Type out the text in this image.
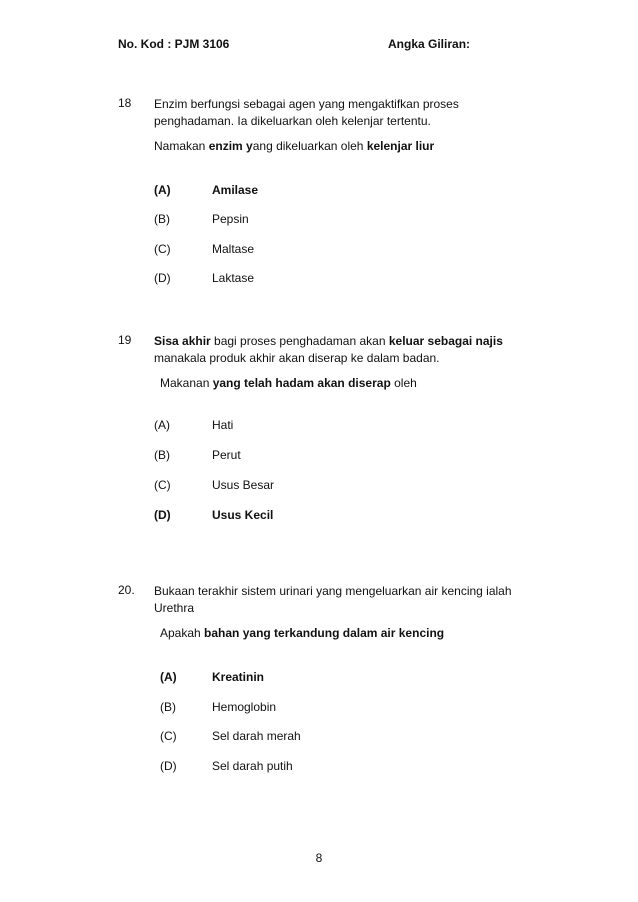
No. Kod : PJM 3106	Angka Giliran:
18 Enzim berfungsi sebagai agen yang mengaktifkan proses
penghadaman. Ia dikeluarkan oleh kelenjar tertentu.
Namakan enzim yang dikeluarkan oleh kelenjar liur
(A)	Amilase
(B)	Pepsin
(C)	Maltase
(D)	Laktase
19 Sisa akhir bagi proses penghadaman akan keluar sebagai najis
manakala produk akhir akan diserap ke dalam badan.
Makanan yang telah hadam akan diserap oleh
(A)	Hati
(B)	Perut
(C)	Usus Besar
(D)	Usus Kecil
20. Bukaan terakhir sistem urinari yang mengeluarkan air kencing ialah
Urethra
Apakah bahan yang terkandung dalam air kencing
(A)	Kreatinin
(B)	Hemoglobin
(C)	Sel darah merah
(D)	Sel darah putih
8
